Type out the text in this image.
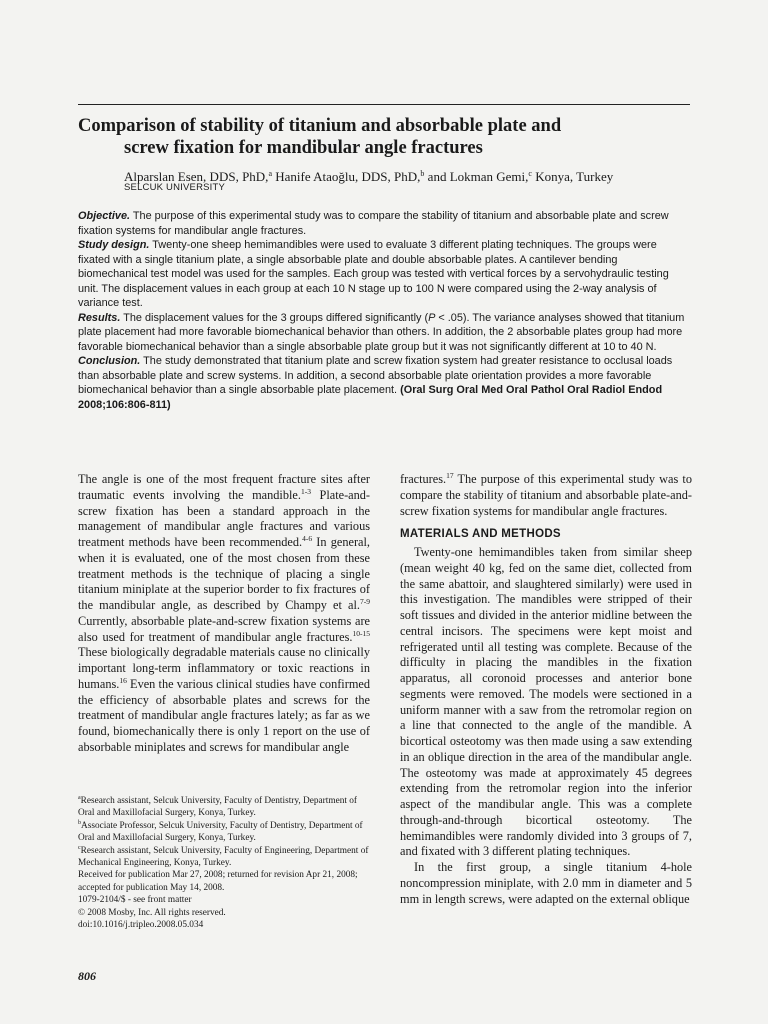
Comparison of stability of titanium and absorbable plate and
screw fixation for mandibular angle fractures
Alparslan Esen, DDS, PhD,$^a$ Hanife Ataoğlu, DDS, PhD,$^b$ and Lokman Gemi,$^c$ Konya, Turkey
SELCUK UNIVERSITY

Objective. The purpose of this experimental study was to compare the stability of titanium and absorbable plate and screw fixation systems for mandibular angle fractures.

Study design. Twenty-one sheep hemimandibles were used to evaluate 3 different plating techniques. The groups were fixated with a single titanium plate, a single absorbable plate and double absorbable plates. A cantilever bending biomechanical test model was used for the samples. Each group was tested with vertical forces by a servohydraulic testing unit. The displacement values in each group at each 10 N stage up to 100 N were compared using the 2-way analysis of variance test.

Results. The displacement values for the 3 groups differed significantly (P < .05). The variance analyses showed that titanium plate placement had more favorable biomechanical behavior than others. In addition, the 2 absorbable plates group had more favorable biomechanical behavior than a single absorbable plate group but it was not significantly different at 10 to 40 N.

Conclusion. The study demonstrated that titanium plate and screw fixation system had greater resistance to occlusal loads than absorbable plate and screw systems. In addition, a second absorbable plate orientation provides a more favorable biomechanical behavior than a single absorbable plate placement. (Oral Surg Oral Med Oral Pathol Oral Radiol Endod 2008;106:806-811)

The angle is one of the most frequent fracture sites after traumatic events involving the mandible.$^{1-3}$ Plate-and-screw fixation has been a standard approach in the management of mandibular angle fractures and various treatment methods have been recommended.$^{4-6}$ In general, when it is evaluated, one of the most chosen from these treatment methods is the technique of placing a single titanium miniplate at the superior border to fix fractures of the mandibular angle, as described by Champy et al.$^{7-9}$ Currently, absorbable plate-and-screw fixation systems are also used for treatment of mandibular angle fractures.$^{10-15}$ These biologically degradable materials cause no clinically important long-term inflammatory or toxic reactions in humans.$^{16}$ Even the various clinical studies have confirmed the efficiency of absorbable plates and screws for the treatment of mandibular angle fractures lately; as far as we found, biomechanically there is only 1 report on the use of absorbable miniplates and screws for mandibular angle

$^a$Research assistant, Selcuk University, Faculty of Dentistry, Department of Oral and Maxillofacial Surgery, Konya, Turkey.

$^b$Associate Professor, Selcuk University, Faculty of Dentistry, Department of Oral and Maxillofacial Surgery, Konya, Turkey.

$^c$Research assistant, Selcuk University, Faculty of Engineering, Department of Mechanical Engineering, Konya, Turkey.

Received for publication Mar 27, 2008; returned for revision Apr 21, 2008; accepted for publication May 14, 2008.

1079-2104/$ - see front matter

© 2008 Mosby, Inc. All rights reserved.

doi:10.1016/j.tripleo.2008.05.034

fractures.$^{17}$ The purpose of this experimental study was to compare the stability of titanium and absorbable plate-and-screw fixation systems for mandibular angle fractures.

MATERIALS AND METHODS

Twenty-one hemimandibles taken from similar sheep (mean weight 40 kg, fed on the same diet, collected from the same abattoir, and slaughtered similarly) were used in this investigation. The mandibles were stripped of their soft tissues and divided in the anterior midline between the central incisors. The specimens were kept moist and refrigerated until all testing was complete. Because of the difficulty in placing the mandibles in the fixation apparatus, all coronoid processes and anterior bone segments were removed. The models were sectioned in a uniform manner with a saw from the retromolar region on a line that connected to the angle of the mandible. A bicortical osteotomy was then made using a saw extending in an oblique direction in the area of the mandibular angle. The osteotomy was made at approximately 45 degrees extending from the retromolar region into the inferior aspect of the mandibular angle. This was a complete through-and-through bicortical osteotomy. The hemimandibles were randomly divided into 3 groups of 7, and fixated with 3 different plating techniques.

In the first group, a single titanium 4-hole noncompression miniplate, with 2.0 mm in diameter and 5 mm in length screws, were adapted on the external oblique

806
